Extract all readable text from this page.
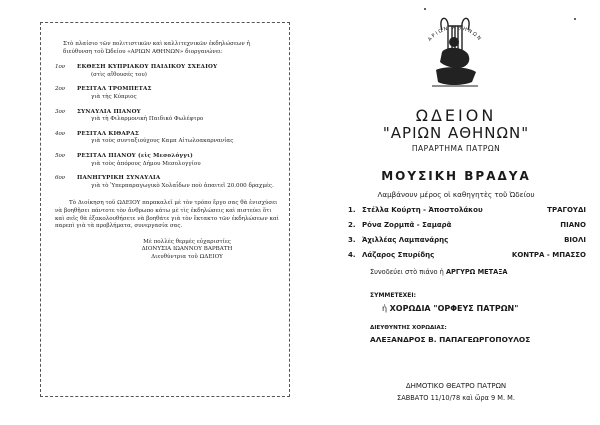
Στὸ πλαίσιο τῶν πολιτιστικῶν καὶ καλλιτεχνικῶν ἐκδηλώσεων ἡ διεύθυνση τοῦ Ὠδείου «ΑΡΙΩΝ ΑΘΗΝΩΝ» διοργανώνει:
1ον	ΕΚΘΕΣΗ ΚΥΠΡΙΑΚΟΥ ΠΑΙΔΙΚΟΥ ΣΧΕΔΙΟΥ
(στὶς αἴθουσές του)
2ον	ΡΕΣΙΤΑΛ ΤΡΟΜΠΕΤΑΣ
γιὰ τὴς Κύπριος
3ον	ΣΥΝΑΥΛΙΑ ΠΙΑΝΟΥ
γιὰ τὴ Φιλαρμονικὴ Παιδικὸ Φωλέφτρο
4ον	ΡΕΣΙΤΑΛ ΚΙΘΑΡΑΣ
γιὰ τοὺς συνταξιούχους Καμπ Αἰτωλοακαρνανίας
5ον	ΡΕΣΙΤΑΛ ΠΙΑΝΟΥ (εἰς Μεσολόγγι)
γιὰ τοὺς ἀπόρους Δήμου Μεσολογγίου
6ον	ΠΑΝΗΓΥΡΙΚΗ ΣΥΝΑΥΛΙΑ
γιὰ τὸ Ὑπερπαραγωγικὸ Χολαΐδων ποὺ ἀπαιτεῖ 20.000 δραχμές.
Τὸ Διοίκηση τοῦ ΩΔΕΙΟΥ παρακαλεῖ μὲ τὸν τρόπο ἔργο σας θὰ ἐνισχύσει νὰ βοηθῆσει πάντοτε τὸν ἄνθρωπο κάτω μὲ τὶς ἐκδηλώσεις καὶ πιστεύει ὅτι καὶ σεῖς θὰ ἐξακολουθήσετε νὰ βοηθάτε γιὰ τὸν ἔκτακτο τῶν ἐκδηλώσεων καὶ παρεπὶ γιὰ τὰ προβλήματα, συνεργασία σας.
Μὲ πολλὲς θερμὲς εὐχαριστίες
ΔΙΟΝΥΣΙΑ ΙΩΑΝΝΟΥ ΒΑΡΒΑΤΗ
Διευθύντρια τοῦ ΩΔΕΙΟΥ
ΑΡΙΩΝ ΑΘΗΝΩΝ
ΩΔΕΙΟΝ
"ΑΡΙΩΝ ΑΘΗΝΩΝ"
ΠΑΡΑΡΤΗΜΑ ΠΑΤΡΩΝ
ΜΟΥΣΙΚΗ ΒΡΑΔΥΑ
Λαμβάνουν μέρος οἱ καθηγητὲς τοῦ Ὠδείου
1. Στέλλα Κούρτη - Ἀποστολάκου	ΤΡΑΓΟΥΔΙ
2. Ρόνα Ζορμπᾶ - Σαμαρᾶ	ΠΙΑΝΟ
3. Ἀχιλλέας Λαμπανάρης	ΒΙΟΛΙ
4. Λάζαρος Σπυρίδης	ΚΟΝΤΡΑ - ΜΠΑΣΣΟ
Συνοδεύει στὸ πιάνο ἡ ΑΡΓΥΡΩ ΜΕΤΑΞΑ
ΣΥΜΜΕΤΕΧΕΙ:
ἡ ΧΟΡΩΔΙΑ "ΟΡΦΕΥΣ ΠΑΤΡΩΝ"
ΔΙΕΥΘΥΝΤΗΣ ΧΟΡΩΔΙΑΣ:
ΑΛΕΞΑΝΔΡΟΣ Β. ΠΑΠΑΓΕΩΡΓΟΠΟΥΛΟΣ
ΔΗΜΟΤΙΚΟ ΘΕΑΤΡΟ ΠΑΤΡΩΝ
ΣΑΒΒΑΤΟ 11/10/78 καὶ ὥρα 9 Μ. Μ.
